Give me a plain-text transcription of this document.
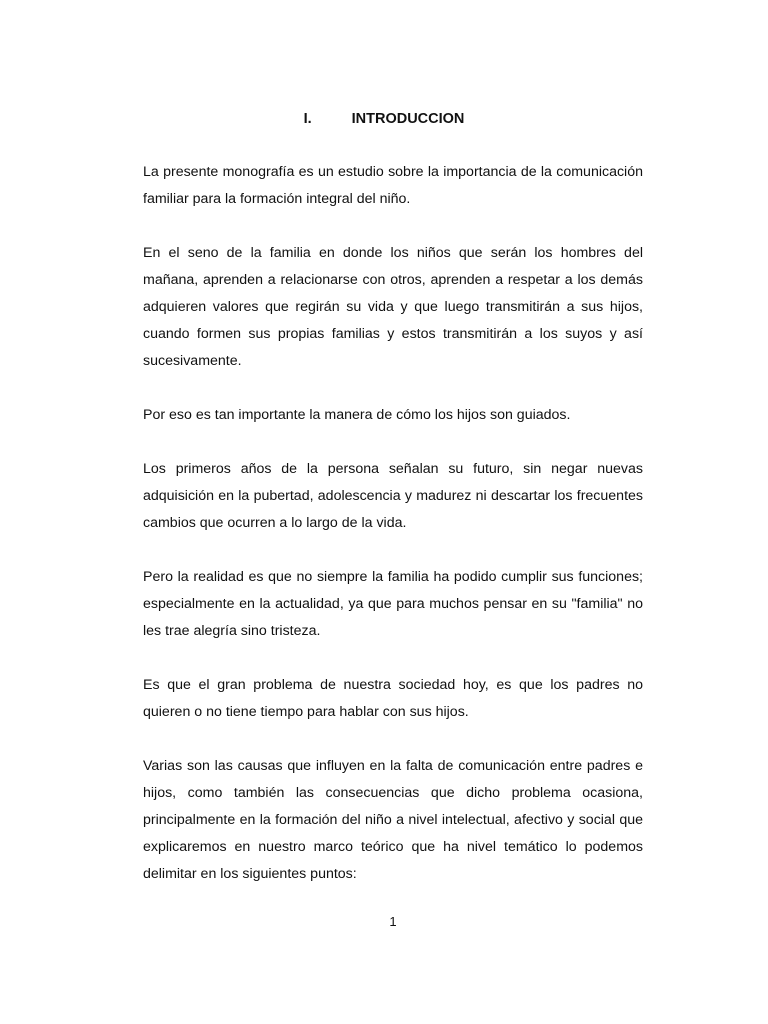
I.	INTRODUCCION

La presente monografía es un estudio sobre la importancia de la comunicación familiar para la formación integral del niño.

En el seno de la familia en donde los niños que serán los hombres del mañana, aprenden a relacionarse con otros, aprenden a respetar a los demás adquieren valores que regirán su vida y que luego transmitirán a sus hijos, cuando formen sus propias familias y estos transmitirán a los suyos y así sucesivamente.

Por eso es tan importante la manera de cómo los hijos son guiados.

Los primeros años de la persona señalan su futuro, sin negar nuevas adquisición en la pubertad, adolescencia y madurez ni descartar los frecuentes cambios que ocurren a lo largo de la vida.

Pero la realidad es que no siempre la familia ha podido cumplir sus funciones; especialmente en la actualidad, ya que para muchos pensar en su "familia" no les trae alegría sino tristeza.

Es que el gran problema de nuestra sociedad hoy, es que los padres no quieren o no tiene tiempo para hablar con sus hijos.

Varias son las causas que influyen en la falta de comunicación entre padres e hijos, como también las consecuencias que dicho problema ocasiona, principalmente en la formación del niño a nivel intelectual, afectivo y social que explicaremos en nuestro marco teórico que ha nivel temático lo podemos delimitar en los siguientes puntos:

1
